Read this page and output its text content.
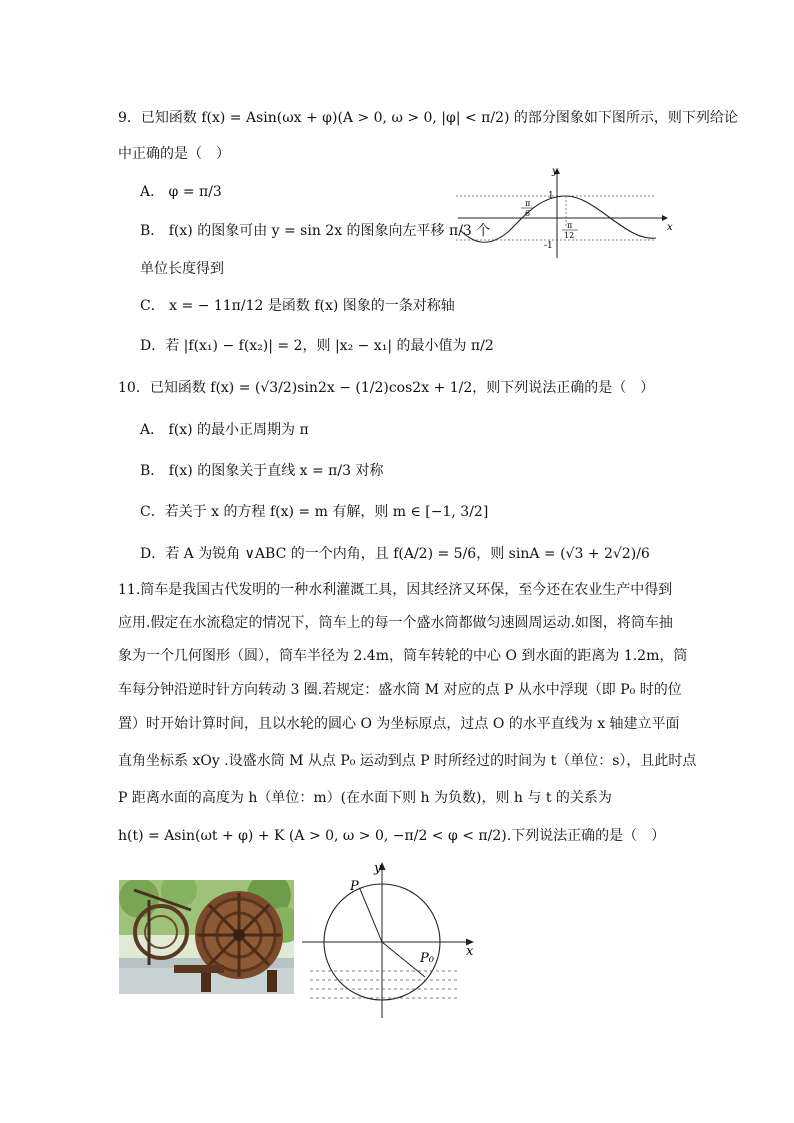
9．已知函数 f(x) = Asin(ωx + φ)(A > 0, ω > 0, |φ| < π/2) 的部分图象如下图所示，则下列给论
中正确的是（　）
A． φ = π/3
B． f(x) 的图象可由 y = sin 2x 的图象向左平移 π/3 个
单位长度得到
C． x = − 11π/12 是函数 f(x) 图象的一条对称轴
D．若 |f(x₁) − f(x₂)| = 2，则 |x₂ − x₁| 的最小值为 π/2
y
x
1
-1
π
6
π
12
10．已知函数 f(x) = (√3/2)sin2x − (1/2)cos2x + 1/2，则下列说法正确的是（　）
A． f(x) 的最小正周期为 π
B． f(x) 的图象关于直线 x = π/3 对称
C．若关于 x 的方程 f(x) = m 有解，则 m ∈ [−1, 3/2]
D．若 A 为锐角 ∨ABC 的一个内角，且 f(A/2) = 5/6，则 sinA = (√3 + 2√2)/6
11.筒车是我国古代发明的一种水利灌溉工具，因其经济又环保，至今还在农业生产中得到
应用.假定在水流稳定的情况下，筒车上的每一个盛水筒都做匀速圆周运动.如图，将筒车抽
象为一个几何图形（圆），筒车半径为 2.4m，筒车转轮的中心 O 到水面的距离为 1.2m，筒
车每分钟沿逆时针方向转动 3 圈.若规定：盛水筒 M 对应的点 P 从水中浮现（即 P₀ 时的位
置）时开始计算时间，且以水轮的圆心 O 为坐标原点，过点 O 的水平直线为 x 轴建立平面
直角坐标系 xOy .设盛水筒 M 从点 P₀ 运动到点 P 时所经过的时间为 t（单位：s），且此时点
P 距离水面的高度为 h（单位：m）(在水面下则 h 为负数)，则 h 与 t 的关系为
h(t) = Asin(ωt + φ) + K (A > 0, ω > 0, −π/2 < φ < π/2).下列说法正确的是（　）
y
x
P
P₀
